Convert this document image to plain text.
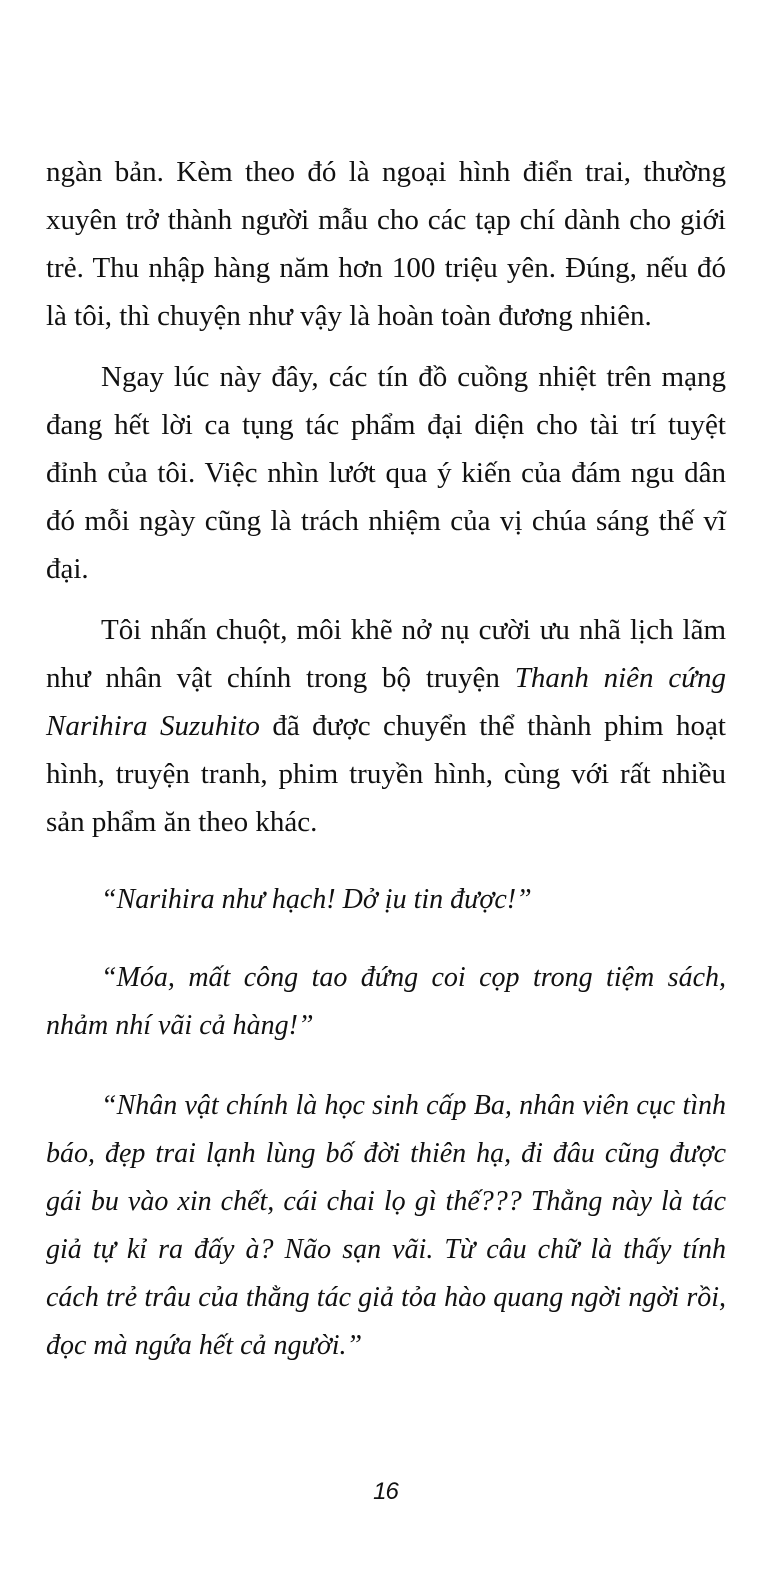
ngàn bản. Kèm theo đó là ngoại hình điển trai, thường xuyên trở thành người mẫu cho các tạp chí dành cho giới trẻ. Thu nhập hàng năm hơn 100 triệu yên. Đúng, nếu đó là tôi, thì chuyện như vậy là hoàn toàn đương nhiên.

Ngay lúc này đây, các tín đồ cuồng nhiệt trên mạng đang hết lời ca tụng tác phẩm đại diện cho tài trí tuyệt đỉnh của tôi. Việc nhìn lướt qua ý kiến của đám ngu dân đó mỗi ngày cũng là trách nhiệm của vị chúa sáng thế vĩ đại.

Tôi nhấn chuột, môi khẽ nở nụ cười ưu nhã lịch lãm như nhân vật chính trong bộ truyện Thanh niên cứng Narihira Suzuhito đã được chuyển thể thành phim hoạt hình, truyện tranh, phim truyền hình, cùng với rất nhiều sản phẩm ăn theo khác.

“Narihira như hạch! Dở ịu tin được!”

“Móa, mất công tao đứng coi cọp trong tiệm sách, nhảm nhí vãi cả hàng!”

“Nhân vật chính là học sinh cấp Ba, nhân viên cục tình báo, đẹp trai lạnh lùng bố đời thiên hạ, đi đâu cũng được gái bu vào xin chết, cái chai lọ gì thế??? Thằng này là tác giả tự kỉ ra đấy à? Não sạn vãi. Từ câu chữ là thấy tính cách trẻ trâu của thằng tác giả tỏa hào quang ngời ngời rồi, đọc mà ngứa hết cả người.”

16
